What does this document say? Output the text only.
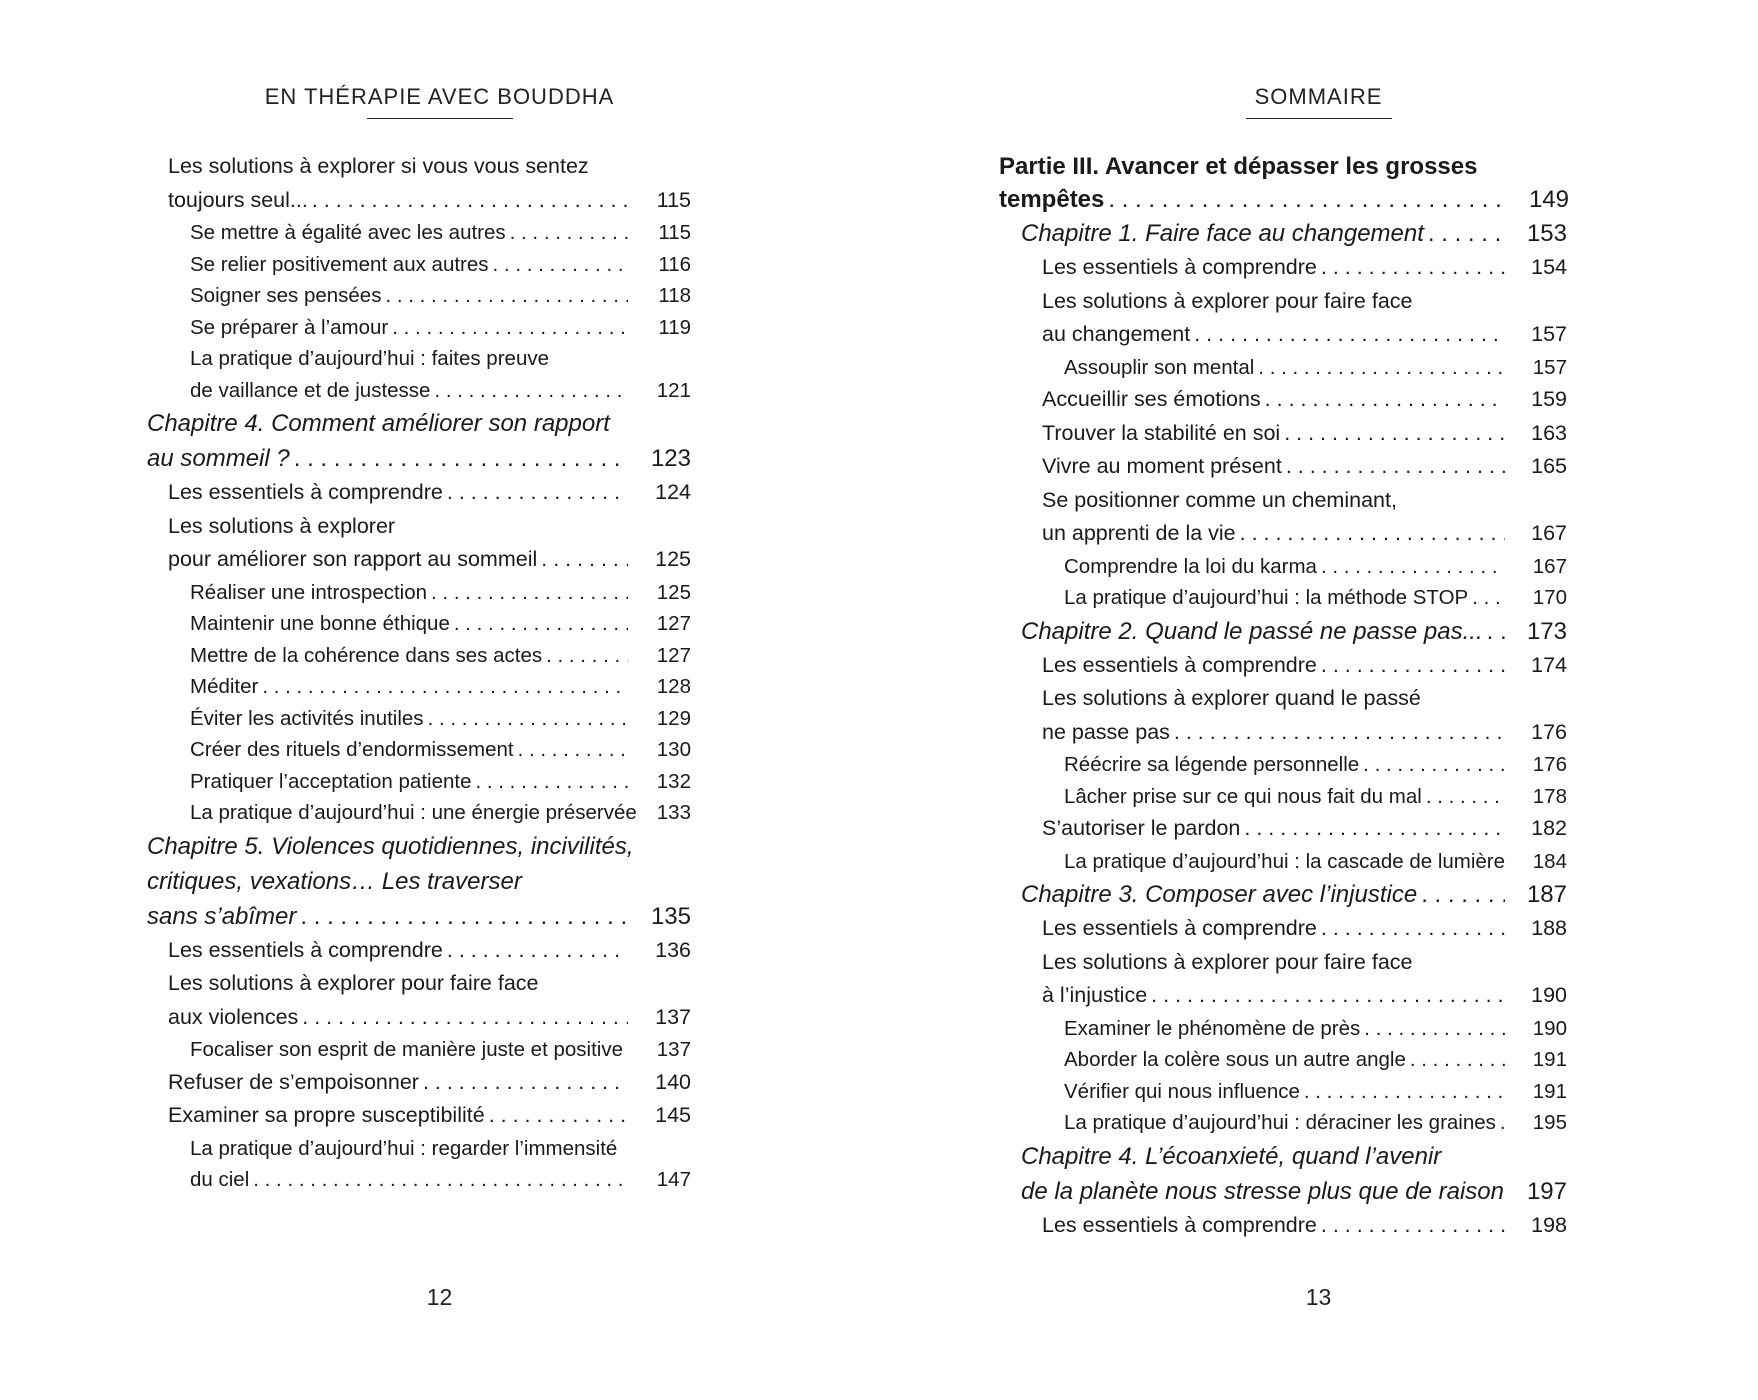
EN THÉRAPIE AVEC BOUDDHA
Les solutions à explorer si vous vous sentez
toujours seul... . . .	115
Se mettre à égalité avec les autres . . .	115
Se relier positivement aux autres . . .	116
Soigner ses pensées . . .	118
Se préparer à l’amour . . .	119
La pratique d’aujourd’hui : faites preuve
de vaillance et de justesse . . .	121
Chapitre 4. Comment améliorer son rapport
au sommeil ? . . .	123
Les essentiels à comprendre . . .	124
Les solutions à explorer
pour améliorer son rapport au sommeil . . .	125
Réaliser une introspection . . .	125
Maintenir une bonne éthique . . .	127
Mettre de la cohérence dans ses actes . . .	127
Méditer . . .	128
Éviter les activités inutiles . . .	129
Créer des rituels d’endormissement . . .	130
Pratiquer l’acceptation patiente . . .	132
La pratique d’aujourd’hui : une énergie préservée 133
Chapitre 5. Violences quotidiennes, incivilités,
critiques, vexations… Les traverser
sans s’abîmer . . .	135
Les essentiels à comprendre . . .	136
Les solutions à explorer pour faire face
aux violences . . .	137
Focaliser son esprit de manière juste et positive . . .	137
Refuser de s’empoisonner . . .	140
Examiner sa propre susceptibilité . . .	145
La pratique d’aujourd’hui : regarder l’immensité
du ciel . . .	147
12
SOMMAIRE
Partie III. Avancer et dépasser les grosses
tempêtes . . .	149
Chapitre 1. Faire face au changement . . .	153
Les essentiels à comprendre . . .	154
Les solutions à explorer pour faire face
au changement . . .	157
Assouplir son mental . . .	157
Accueillir ses émotions . . .	159
Trouver la stabilité en soi . . .	163
Vivre au moment présent . . .	165
Se positionner comme un cheminant,
un apprenti de la vie . . .	167
Comprendre la loi du karma . . .	167
La pratique d’aujourd’hui : la méthode STOP . . .	170
Chapitre 2. Quand le passé ne passe pas... . . .	173
Les essentiels à comprendre . . .	174
Les solutions à explorer quand le passé
ne passe pas . . .	176
Réécrire sa légende personnelle . . .	176
Lâcher prise sur ce qui nous fait du mal . . .	178
S’autoriser le pardon . . .	182
La pratique d’aujourd’hui : la cascade de lumière	184
Chapitre 3. Composer avec l’injustice . . .	187
Les essentiels à comprendre . . .	188
Les solutions à explorer pour faire face
à l’injustice . . .	190
Examiner le phénomène de près . . .	190
Aborder la colère sous un autre angle . . .	191
Vérifier qui nous influence . . .	191
La pratique d’aujourd’hui : déraciner les graines . . .	195
Chapitre 4. L’écoanxieté, quand l’avenir
de la planète nous stresse plus que de raison 197
Les essentiels à comprendre . . .	198
13
